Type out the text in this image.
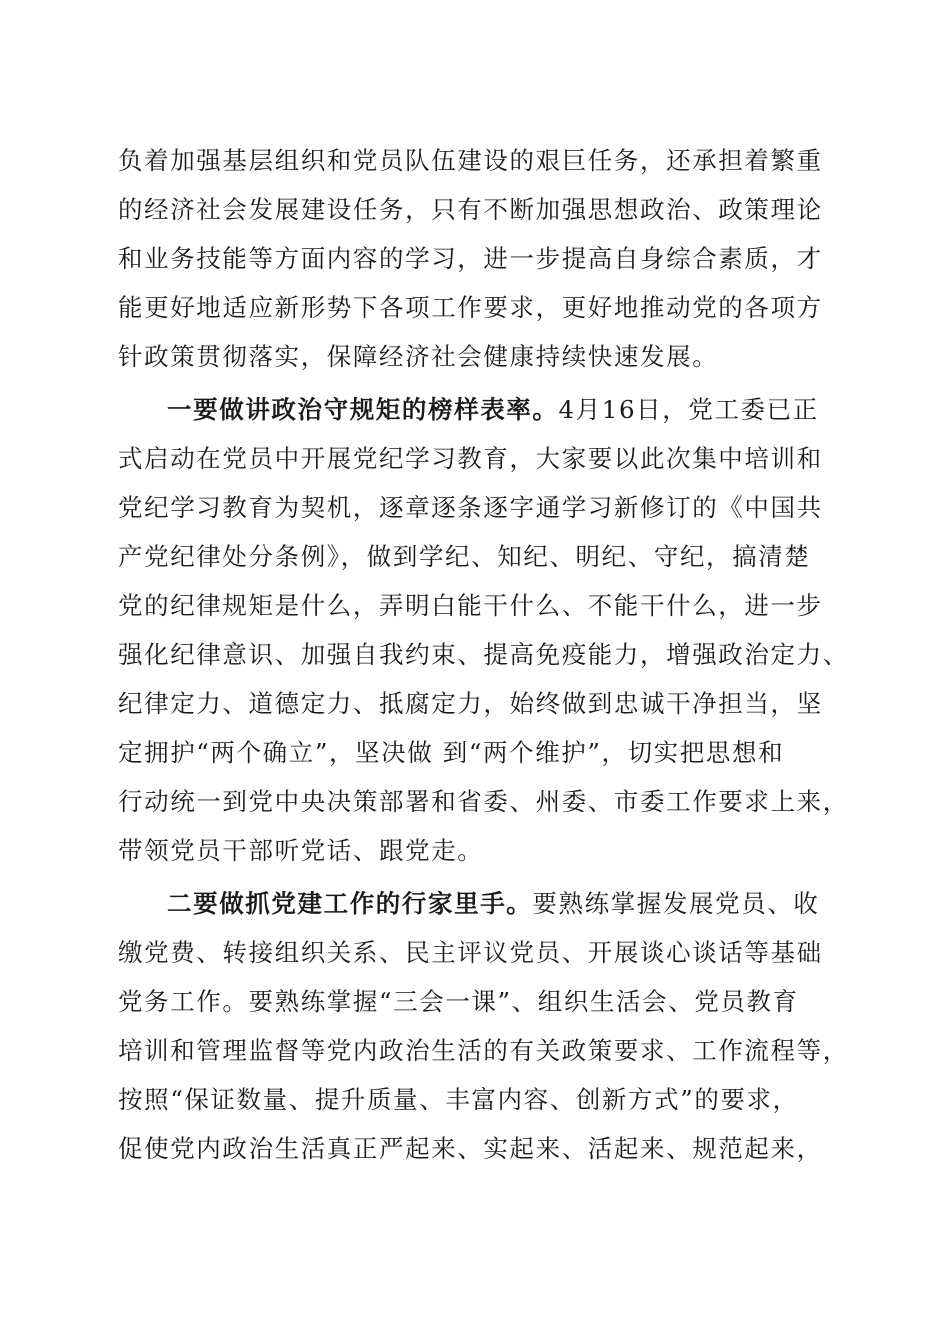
负着加强基层组织和党员队伍建设的艰巨任务，还承担着繁重
的经济社会发展建设任务，只有不断加强思想政治、政策理论
和业务技能等方面内容的学习，进一步提高自身综合素质，才
能更好地适应新形势下各项工作要求，更好地推动党的各项方
针政策贯彻落实，保障经济社会健康持续快速发展。
一要做讲政治守规矩的榜样表率。4月16日，党工委已正
式启动在党员中开展党纪学习教育，大家要以此次集中培训和
党纪学习教育为契机，逐章逐条逐字通学习新修订的《中国共
产党纪律处分条例》，做到学纪、知纪、明纪、守纪，搞清楚
党的纪律规矩是什么，弄明白能干什么、不能干什么，进一步
强化纪律意识、加强自我约束、提高免疫能力，增强政治定力、
纪律定力、道德定力、抵腐定力，始终做到忠诚干净担当，坚
定拥护“两个确立”，坚决做 到“两个维护”，切实把思想和
行动统一到党中央决策部署和省委、州委、市委工作要求上来，
带领党员干部听党话、跟党走。
二要做抓党建工作的行家里手。要熟练掌握发展党员、收
缴党费、转接组织关系、民主评议党员、开展谈心谈话等基础
党务工作。要熟练掌握“三会一课”、组织生活会、党员教育
培训和管理监督等党内政治生活的有关政策要求、工作流程等，
按照“保证数量、提升质量、丰富内容、创新方式”的要求，
促使党内政治生活真正严起来、实起来、活起来、规范起来，
